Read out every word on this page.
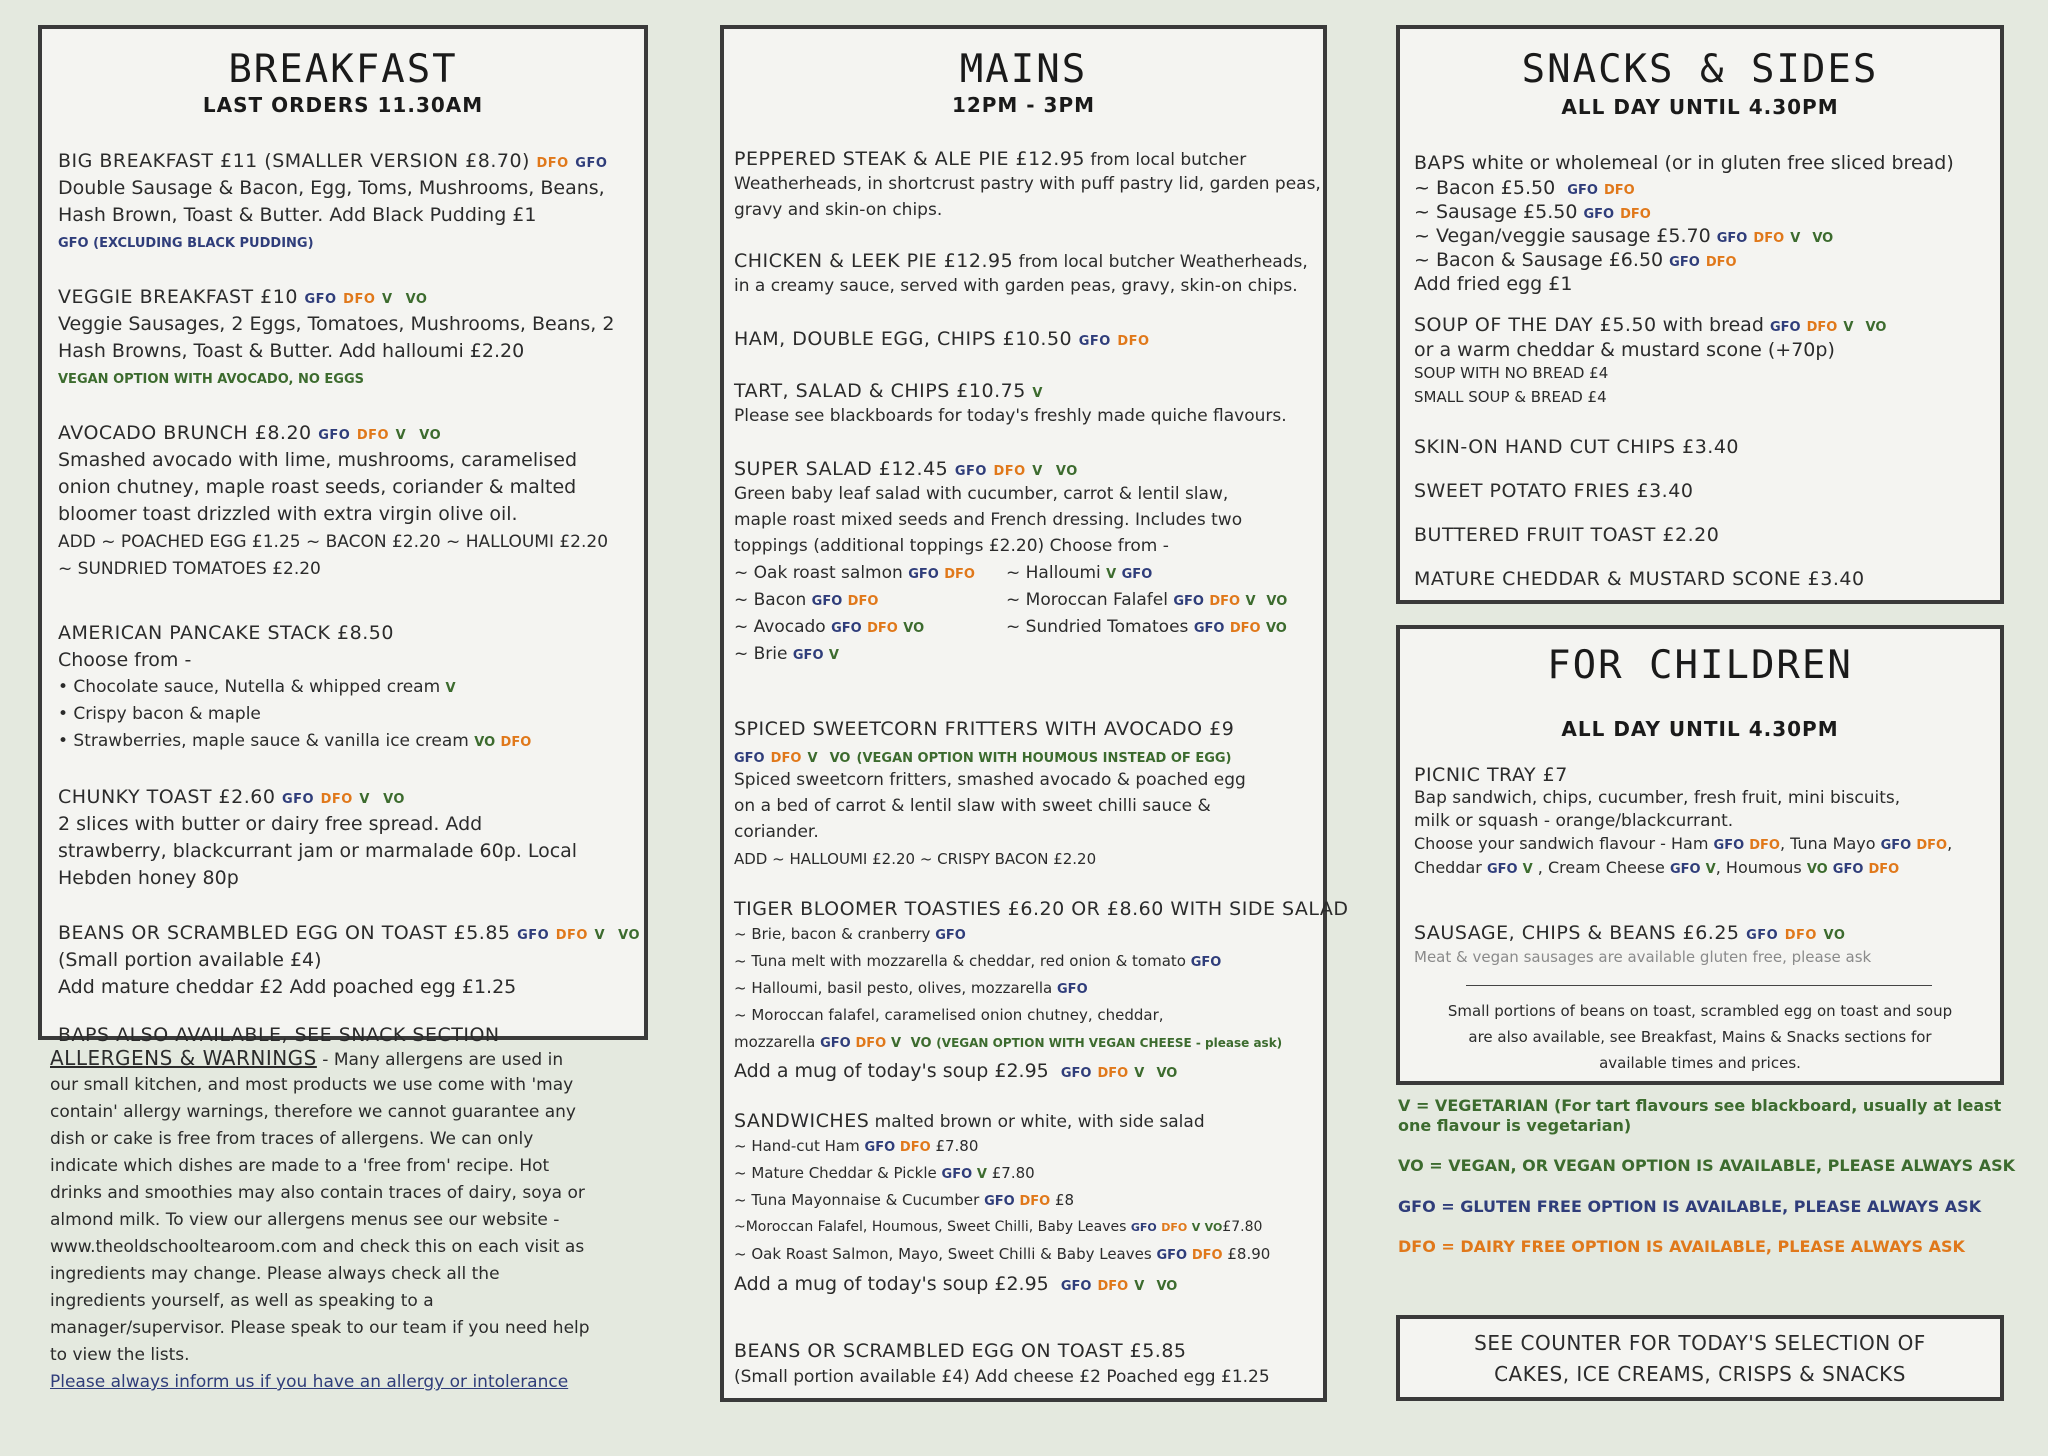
BREAKFAST
LAST ORDERS 11.30AM
BIG BREAKFAST £11 (SMALLER VERSION £8.70) DFO GFO
Double Sausage & Bacon, Egg, Toms, Mushrooms, Beans,
Hash Brown, Toast & Butter. Add Black Pudding £1
GFO (EXCLUDING BLACK PUDDING)
VEGGIE BREAKFAST £10 GFO DFO V VO
Veggie Sausages, 2 Eggs, Tomatoes, Mushrooms, Beans, 2
Hash Browns, Toast & Butter. Add halloumi £2.20
VEGAN OPTION WITH AVOCADO, NO EGGS
AVOCADO BRUNCH £8.20 GFO DFO V VO
Smashed avocado with lime, mushrooms, caramelised
onion chutney, maple roast seeds, coriander & malted
bloomer toast drizzled with extra virgin olive oil.
ADD ~ POACHED EGG £1.25 ~ BACON £2.20 ~ HALLOUMI £2.20
~ SUNDRIED TOMATOES £2.20
AMERICAN PANCAKE STACK £8.50
Choose from -
• Chocolate sauce, Nutella & whipped cream V
• Crispy bacon & maple
• Strawberries, maple sauce & vanilla ice cream VO DFO
CHUNKY TOAST £2.60 GFO DFO V VO
2 slices with butter or dairy free spread. Add
strawberry, blackcurrant jam or marmalade 60p. Local
Hebden honey 80p
BEANS OR SCRAMBLED EGG ON TOAST £5.85 GFO DFO V VO
(Small portion available £4)
Add mature cheddar £2 Add poached egg £1.25
BAPS ALSO AVAILABLE, SEE SNACK SECTION
ALLERGENS & WARNINGS - Many allergens are used in
our small kitchen, and most products we use come with 'may
contain' allergy warnings, therefore we cannot guarantee any
dish or cake is free from traces of allergens. We can only
indicate which dishes are made to a 'free from' recipe. Hot
drinks and smoothies may also contain traces of dairy, soya or
almond milk. To view our allergens menus see our website -
www.theoldschooltearoom.com and check this on each visit as
ingredients may change. Please always check all the
ingredients yourself, as well as speaking to a
manager/supervisor. Please speak to our team if you need help
to view the lists.
Please always inform us if you have an allergy or intolerance
MAINS
12PM - 3PM
PEPPERED STEAK & ALE PIE £12.95 from local butcher
Weatherheads, in shortcrust pastry with puff pastry lid, garden peas,
gravy and skin-on chips.
CHICKEN & LEEK PIE £12.95 from local butcher Weatherheads,
in a creamy sauce, served with garden peas, gravy, skin-on chips.
HAM, DOUBLE EGG, CHIPS £10.50 GFO DFO
TART, SALAD & CHIPS £10.75 V
Please see blackboards for today's freshly made quiche flavours.
SUPER SALAD £12.45 GFO DFO V VO
Green baby leaf salad with cucumber, carrot & lentil slaw,
maple roast mixed seeds and French dressing. Includes two
toppings (additional toppings £2.20) Choose from -
~ Oak roast salmon GFO DFO
~ Bacon GFO DFO
~ Avocado GFO DFO VO
~ Brie GFO V
~ Halloumi V GFO
~ Moroccan Falafel GFO DFO V VO
~ Sundried Tomatoes GFO DFO VO
SPICED SWEETCORN FRITTERS WITH AVOCADO £9
GFO DFO V VO (VEGAN OPTION WITH HOUMOUS INSTEAD OF EGG)
Spiced sweetcorn fritters, smashed avocado & poached egg
on a bed of carrot & lentil slaw with sweet chilli sauce &
coriander.
ADD ~ HALLOUMI £2.20 ~ CRISPY BACON £2.20
TIGER BLOOMER TOASTIES £6.20 OR £8.60 WITH SIDE SALAD
~ Brie, bacon & cranberry GFO
~ Tuna melt with mozzarella & cheddar, red onion & tomato GFO
~ Halloumi, basil pesto, olives, mozzarella GFO
~ Moroccan falafel, caramelised onion chutney, cheddar,
mozzarella GFO DFO V VO (VEGAN OPTION WITH VEGAN CHEESE - please ask)
Add a mug of today's soup £2.95 GFO DFO V VO
SANDWICHES malted brown or white, with side salad
~ Hand-cut Ham GFO DFO £7.80
~ Mature Cheddar & Pickle GFO V £7.80
~ Tuna Mayonnaise & Cucumber GFO DFO £8
~Moroccan Falafel, Houmous, Sweet Chilli, Baby Leaves GFO DFO V VO£7.80
~ Oak Roast Salmon, Mayo, Sweet Chilli & Baby Leaves GFO DFO £8.90
Add a mug of today's soup £2.95 GFO DFO V VO
BEANS OR SCRAMBLED EGG ON TOAST £5.85
(Small portion available £4) Add cheese £2 Poached egg £1.25
SNACKS & SIDES
ALL DAY UNTIL 4.30PM
BAPS white or wholemeal (or in gluten free sliced bread)
~ Bacon £5.50 GFO DFO
~ Sausage £5.50 GFO DFO
~ Vegan/veggie sausage £5.70 GFO DFO V VO
~ Bacon & Sausage £6.50 GFO DFO
Add fried egg £1
SOUP OF THE DAY £5.50 with bread GFO DFO V VO
or a warm cheddar & mustard scone (+70p)
SOUP WITH NO BREAD £4
SMALL SOUP & BREAD £4
SKIN-ON HAND CUT CHIPS £3.40
SWEET POTATO FRIES £3.40
BUTTERED FRUIT TOAST £2.20
MATURE CHEDDAR & MUSTARD SCONE £3.40
FOR CHILDREN
ALL DAY UNTIL 4.30PM
PICNIC TRAY £7
Bap sandwich, chips, cucumber, fresh fruit, mini biscuits,
milk or squash - orange/blackcurrant.
Choose your sandwich flavour - Ham GFO DFO, Tuna Mayo GFO DFO,
Cheddar GFO V , Cream Cheese GFO V, Houmous VO GFO DFO
SAUSAGE, CHIPS & BEANS £6.25 GFO DFO VO
Meat & vegan sausages are available gluten free, please ask
Small portions of beans on toast, scrambled egg on toast and soup
are also available, see Breakfast, Mains & Snacks sections for
available times and prices.
V = VEGETARIAN (For tart flavours see blackboard, usually at least
one flavour is vegetarian)
VO = VEGAN, OR VEGAN OPTION IS AVAILABLE, PLEASE ALWAYS ASK
GFO = GLUTEN FREE OPTION IS AVAILABLE, PLEASE ALWAYS ASK
DFO = DAIRY FREE OPTION IS AVAILABLE, PLEASE ALWAYS ASK
SEE COUNTER FOR TODAY'S SELECTION OF
CAKES, ICE CREAMS, CRISPS & SNACKS
